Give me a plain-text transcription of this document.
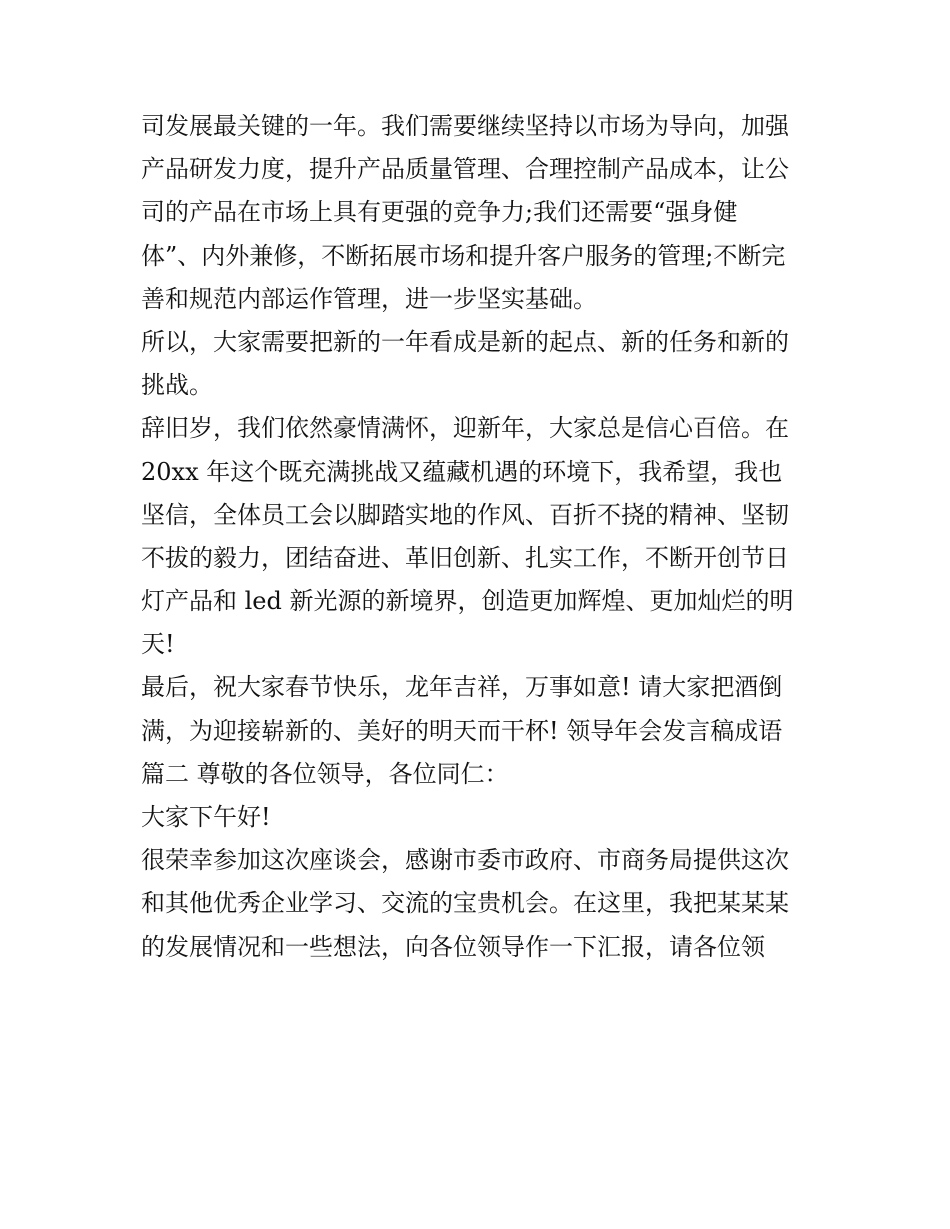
司发展最关键的一年。我们需要继续坚持以市场为导向，加强
产品研发力度，提升产品质量管理、合理控制产品成本，让公
司的产品在市场上具有更强的竞争力;我们还需要“强身健
体”、内外兼修，不断拓展市场和提升客户服务的管理;不断完
善和规范内部运作管理，进一步坚实基础。
所以，大家需要把新的一年看成是新的起点、新的任务和新的
挑战。
辞旧岁，我们依然豪情满怀，迎新年，大家总是信心百倍。在
20xx 年这个既充满挑战又蕴藏机遇的环境下，我希望，我也
坚信，全体员工会以脚踏实地的作风、百折不挠的精神、坚韧
不拔的毅力，团结奋进、革旧创新、扎实工作，不断开创节日
灯产品和 led 新光源的新境界，创造更加辉煌、更加灿烂的明
天!
最后，祝大家春节快乐，龙年吉祥，万事如意! 请大家把酒倒
满，为迎接崭新的、美好的明天而干杯! 领导年会发言稿成语
篇二 尊敬的各位领导，各位同仁：
大家下午好!
很荣幸参加这次座谈会，感谢市委市政府、市商务局提供这次
和其他优秀企业学习、交流的宝贵机会。在这里，我把某某某
的发展情况和一些想法，向各位领导作一下汇报，请各位领
